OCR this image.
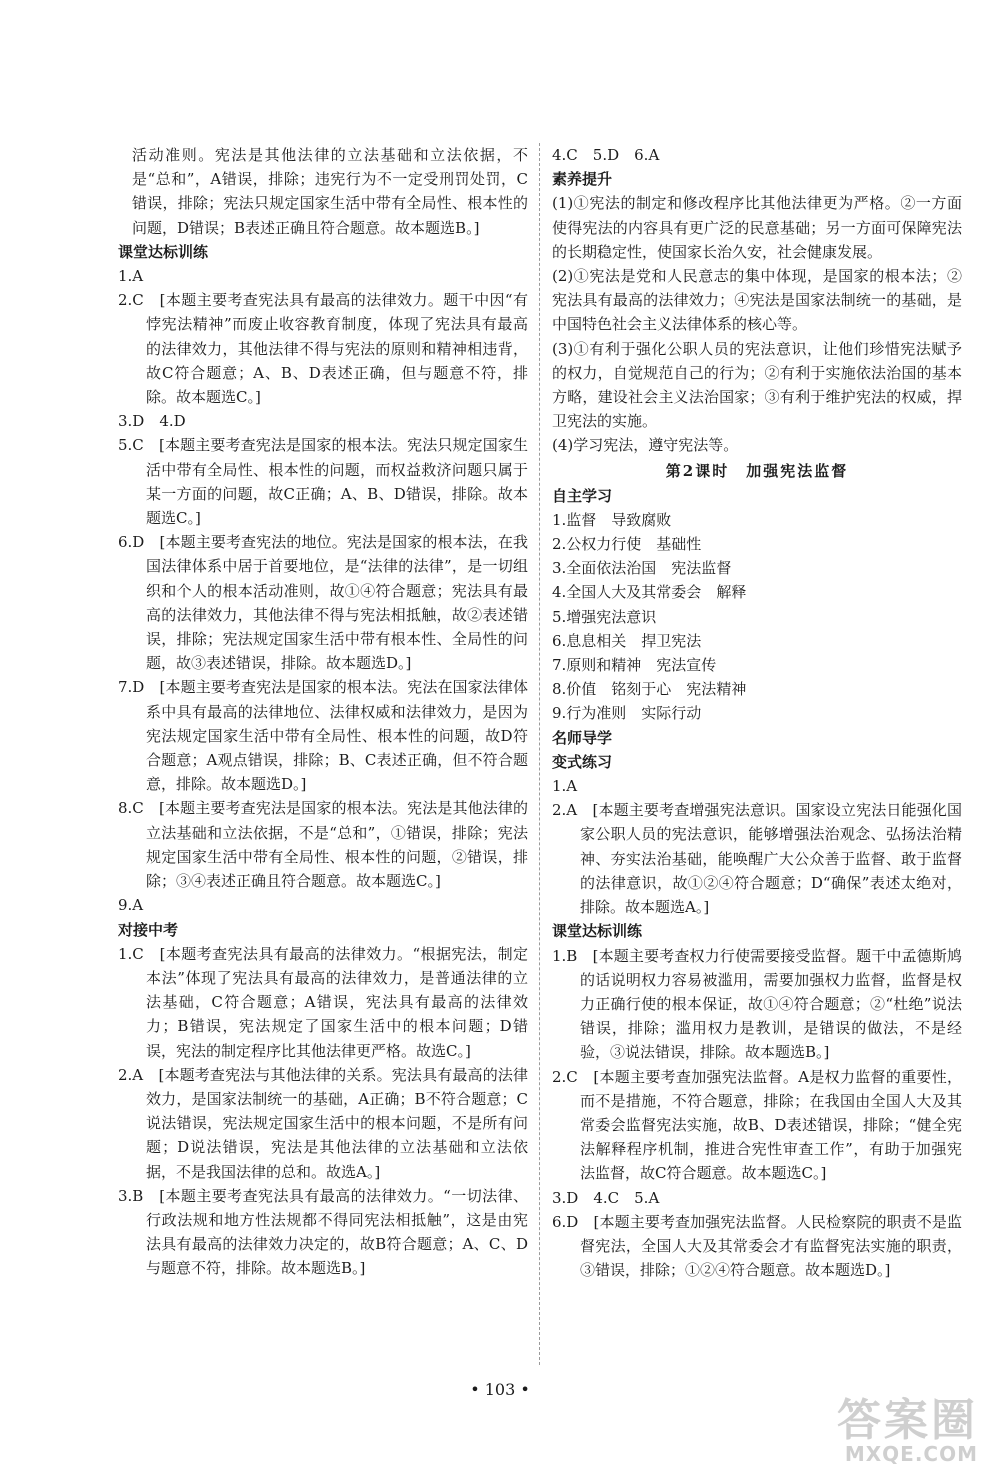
活动准则。宪法是其他法律的立法基础和立法依据，不是“总和”，A错误，排除；违宪行为不一定受刑罚处罚，C错误，排除；宪法只规定国家生活中带有全局性、根本性的问题，D错误；B表述正确且符合题意。故本题选B。]

课堂达标训练

1.A

2.C　[本题主要考查宪法具有最高的法律效力。题干中因“有悖宪法精神”而废止收容教育制度，体现了宪法具有最高的法律效力，其他法律不得与宪法的原则和精神相违背，故C符合题意；A、B、D表述正确，但与题意不符，排除。故本题选C。]

3.D　4.D

5.C　[本题主要考查宪法是国家的根本法。宪法只规定国家生活中带有全局性、根本性的问题，而权益救济问题只属于某一方面的问题，故C正确；A、B、D错误，排除。故本题选C。]

6.D　[本题主要考查宪法的地位。宪法是国家的根本法，在我国法律体系中居于首要地位，是“法律的法律”，是一切组织和个人的根本活动准则，故①④符合题意；宪法具有最高的法律效力，其他法律不得与宪法相抵触，故②表述错误，排除；宪法规定国家生活中带有根本性、全局性的问题，故③表述错误，排除。故本题选D。]

7.D　[本题主要考查宪法是国家的根本法。宪法在国家法律体系中具有最高的法律地位、法律权威和法律效力，是因为宪法规定国家生活中带有全局性、根本性的问题，故D符合题意；A观点错误，排除；B、C表述正确，但不符合题意，排除。故本题选D。]

8.C　[本题主要考查宪法是国家的根本法。宪法是其他法律的立法基础和立法依据，不是“总和”，①错误，排除；宪法规定国家生活中带有全局性、根本性的问题，②错误，排除；③④表述正确且符合题意。故本题选C。]

9.A

对接中考

1.C　[本题考查宪法具有最高的法律效力。“根据宪法，制定本法”体现了宪法具有最高的法律效力，是普通法律的立法基础，C符合题意；A错误，宪法具有最高的法律效力；B错误，宪法规定了国家生活中的根本问题；D错误，宪法的制定程序比其他法律更严格。故选C。]

2.A　[本题考查宪法与其他法律的关系。宪法具有最高的法律效力，是国家法制统一的基础，A正确；B不符合题意；C说法错误，宪法规定国家生活中的根本问题，不是所有问题；D说法错误，宪法是其他法律的立法基础和立法依据，不是我国法律的总和。故选A。]

3.B　[本题主要考查宪法具有最高的法律效力。“一切法律、行政法规和地方性法规都不得同宪法相抵触”，这是由宪法具有最高的法律效力决定的，故B符合题意；A、C、D与题意不符，排除。故本题选B。]

4.C　5.D　6.A

素养提升

(1)①宪法的制定和修改程序比其他法律更为严格。②一方面使得宪法的内容具有更广泛的民意基础；另一方面可保障宪法的长期稳定性，使国家长治久安，社会健康发展。

(2)①宪法是党和人民意志的集中体现，是国家的根本法；②宪法具有最高的法律效力；④宪法是国家法制统一的基础，是中国特色社会主义法律体系的核心等。

(3)①有利于强化公职人员的宪法意识，让他们珍惜宪法赋予的权力，自觉规范自己的行为；②有利于实施依法治国的基本方略，建设社会主义法治国家；③有利于维护宪法的权威，捍卫宪法的实施。

(4)学习宪法，遵守宪法等。

第2课时　加强宪法监督

自主学习

1.监督　导致腐败

2.公权力行使　基础性

3.全面依法治国　宪法监督

4.全国人大及其常委会　解释

5.增强宪法意识

6.息息相关　捍卫宪法

7.原则和精神　宪法宣传

8.价值　铭刻于心　宪法精神

9.行为准则　实际行动

名师导学

变式练习

1.A

2.A　[本题主要考查增强宪法意识。国家设立宪法日能强化国家公职人员的宪法意识，能够增强法治观念、弘扬法治精神、夯实法治基础，能唤醒广大公众善于监督、敢于监督的法律意识，故①②④符合题意；D“确保”表述太绝对，排除。故本题选A。]

课堂达标训练

1.B　[本题主要考查权力行使需要接受监督。题干中孟德斯鸠的话说明权力容易被滥用，需要加强权力监督，监督是权力正确行使的根本保证，故①④符合题意；②“杜绝”说法错误，排除；滥用权力是教训，是错误的做法，不是经验，③说法错误，排除。故本题选B。]

2.C　[本题主要考查加强宪法监督。A是权力监督的重要性，而不是措施，不符合题意，排除；在我国由全国人大及其常委会监督宪法实施，故B、D表述错误，排除；“健全宪法解释程序机制，推进合宪性审查工作”，有助于加强宪法监督，故C符合题意。故本题选C。]

3.D　4.C　5.A

6.D　[本题主要考查加强宪法监督。人民检察院的职责不是监督宪法，全国人大及其常委会才有监督宪法实施的职责，③错误，排除；①②④符合题意。故本题选D。]

• 103 •
答案圈
MXQE.COM
